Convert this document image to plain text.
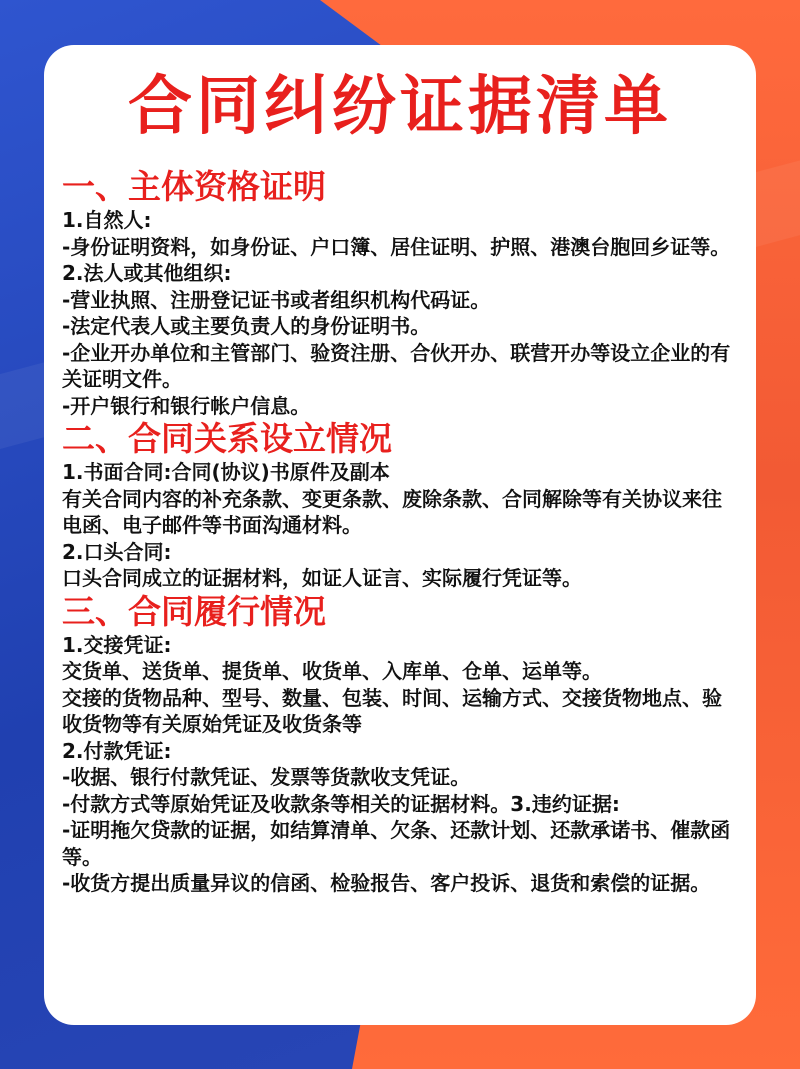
合同纠纷证据清单
一、主体资格证明
1.自然人:
-身份证明资料，如身份证、户口簿、居住证明、护照、港澳台胞回乡证等。
2.法人或其他组织:
-营业执照、注册登记证书或者组织机构代码证。
-法定代表人或主要负责人的身份证明书。
-企业开办单位和主管部门、验资注册、合伙开办、联营开办等设立企业的有关证明文件。
-开户银行和银行帐户信息。
二、合同关系设立情况
1.书面合同:合同(协议)书原件及副本
有关合同内容的补充条款、变更条款、废除条款、合同解除等有关协议来往电函、电子邮件等书面沟通材料。
2.口头合同:
口头合同成立的证据材料，如证人证言、实际履行凭证等。
三、合同履行情况
1.交接凭证:
交货单、送货单、提货单、收货单、入库单、仓单、运单等。
交接的货物品种、型号、数量、包装、时间、运输方式、交接货物地点、验收货物等有关原始凭证及收货条等
2.付款凭证:
-收据、银行付款凭证、发票等货款收支凭证。
-付款方式等原始凭证及收款条等相关的证据材料。3.违约证据:
-证明拖欠贷款的证据，如结算清单、欠条、还款计划、还款承诺书、催款函等。
-收货方提出质量异议的信函、检验报告、客户投诉、退货和索偿的证据。
